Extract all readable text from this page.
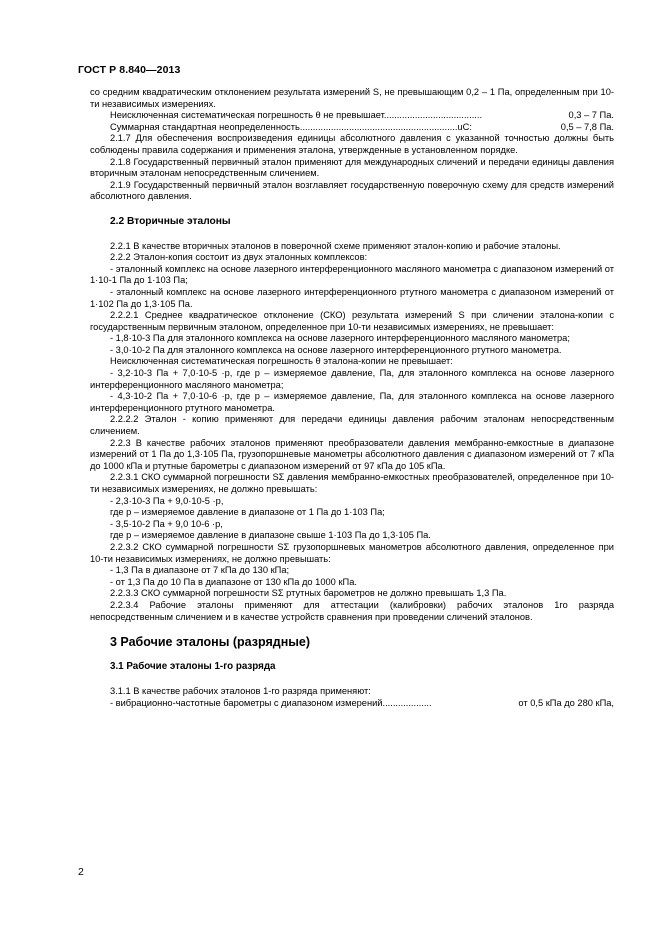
ГОСТ Р 8.840—2013
со средним квадратическим отклонением результата измерений S, не превышающим 0,2 – 1 Па, определенным при 10-ти независимых измерениях.
Неисключенная систематическая погрешность θ не превышает......................................	0,3 – 7 Па.
Суммарная стандартная неопределенность.............................................................uC:	0,5 – 7,8 Па.
2.1.7 Для обеспечения воспроизведения единицы абсолютного давления с указанной точностью должны быть соблюдены правила содержания и применения эталона, утвержденные в установленном порядке.
2.1.8 Государственный первичный эталон применяют для международных сличений и передачи единицы давления вторичным эталонам непосредственным сличением.
2.1.9 Государственный первичный эталон возглавляет государственную поверочную схему для средств измерений абсолютного давления.
2.2 Вторичные эталоны
2.2.1 В качестве вторичных эталонов в поверочной схеме применяют эталон-копию и рабочие эталоны.
2.2.2 Эталон-копия состоит из двух эталонных комплексов:
- эталонный комплекс на основе лазерного интерференционного масляного манометра с диапазоном измерений от 1·10-1 Па до 1·103 Па;
- эталонный комплекс на основе лазерного интерференционного ртутного манометра с диапазоном измерений от 1·102 Па до 1,3·105 Па.
2.2.2.1 Среднее квадратическое отклонение (СКО) результата измерений S при сличении эталона-копии с государственным первичным эталоном, определенное при 10-ти независимых измерениях, не превышает:
- 1,8·10-3 Па для эталонного комплекса на основе лазерного интерференционного масляного манометра;
- 3,0·10-2 Па для эталонного комплекса на основе лазерного интерференционного ртутного манометра.
Неисключенная систематическая погрешность θ эталона-копии не превышает:
- 3,2·10-3 Па + 7,0·10-5 ·p, где p – измеряемое давление, Па, для эталонного комплекса на основе лазерного интерференционного масляного манометра;
- 4,3·10-2 Па + 7,0·10-6 ·p, где p – измеряемое давление, Па, для эталонного комплекса на основе лазерного интерференционного ртутного манометра.
2.2.2.2 Эталон - копию применяют для передачи единицы давления рабочим эталонам непосредственным сличением.
2.2.3 В качестве рабочих эталонов применяют преобразователи давления мембранно-емкостные в диапазоне измерений от 1 Па до 1,3·105 Па, грузопоршневые манометры абсолютного давления с диапазоном измерений от 7 кПа до 1000 кПа и ртутные барометры с диапазоном измерений от 97 кПа до 105 кПа.
2.2.3.1 СКО суммарной погрешности SΣ давления мембранно-емкостных преобразователей, определенное при 10-ти независимых измерениях, не должно превышать:
- 2,3·10-3 Па + 9,0·10-5 ·p,
где p – измеряемое давление в диапазоне от 1 Па до 1·103 Па;
- 3,5·10-2 Па + 9,0 10-6 ·p,
где p – измеряемое давление в диапазоне свыше 1·103 Па до 1,3·105 Па.
2.2.3.2 СКО суммарной погрешности SΣ грузопоршневых манометров абсолютного давления, определенное при 10-ти независимых измерениях, не должно превышать:
- 1,3 Па в диапазоне от 7 кПа до 130 кПа;
- от 1,3 Па до 10 Па в диапазоне от 130 кПа до 1000 кПа.
2.2.3.3 СКО суммарной погрешности SΣ ртутных барометров не должно превышать 1,3 Па.
2.2.3.4 Рабочие эталоны применяют для аттестации (калибровки) рабочих эталонов 1го разряда непосредственным сличением и в качестве устройств сравнения при проведении сличений эталонов.
3 Рабочие эталоны (разрядные)
3.1 Рабочие эталоны 1-го разряда
3.1.1 В качестве рабочих эталонов 1-го разряда применяют:
- вибрационно-частотные барометры с диапазоном измерений...................	от 0,5 кПа до 280 кПа,
2
